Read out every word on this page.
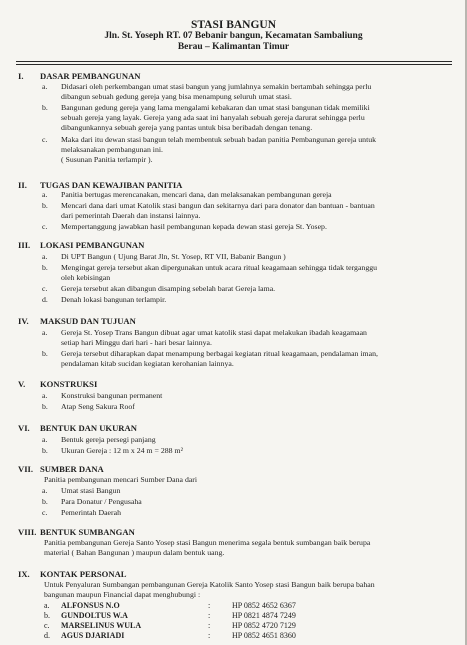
STASI BANGUN
Jln. St. Yoseph RT. 07 Bebanir bangun, Kecamatan Sambaliung
Berau – Kalimantan Timur
I. DASAR PEMBANGUNAN
a. Didasari oleh perkembangan umat stasi bangun yang jumlahnya semakin bertambah sehingga perlu
dibangun sebuah gedung gereja yang bisa menampung seluruh umat stasi.
b. Bangunan gedung gereja yang lama mengalami kebakaran dan umat stasi bangunan tidak memiliki
sebuah gereja yang layak. Gereja yang ada saat ini hanyalah sebuah gereja darurat sehingga perlu
dibangunkannya sebuah gereja yang pantas untuk bisa beribadah dengan tenang.
c. Maka dari itu dewan stasi bangun telah membentuk sebuah badan panitia Pembangunan gereja untuk
melaksanakan pembangunan ini.
( Susunan Panitia terlampir ).
II. TUGAS DAN KEWAJIBAN PANITIA
a. Panitia bertugas merencanakan, mencari dana, dan melaksanakan pembangunan gereja
b. Mencari dana dari umat Katolik stasi bangun dan sekitarnya dari para donator dan bantuan - bantuan
dari pemerintah Daerah dan instansi lainnya.
c. Mempertanggung jawabkan hasil pembangunan kepada dewan stasi gereja St. Yosep.
III. LOKASI PEMBANGUNAN
a. Di UPT Bangun ( Ujung Barat Jln, St. Yosep, RT VII, Babanir Bangun )
b. Mengingat gereja tersebut akan dipergunakan untuk acara ritual keagamaan sehingga tidak terganggu
oleh kebisingan
c. Gereja tersebut akan dibangun disamping sebelah barat Gereja lama.
d. Denah lokasi bangunan terlampir.
IV. MAKSUD DAN TUJUAN
a. Gereja St. Yosep Trans Bangun dibuat agar umat katolik stasi dapat melakukan ibadah keagamaan
setiap hari Minggu dari hari - hari besar lainnya.
b. Gereja tersebut diharapkan dapat menampung berbagai kegiatan ritual keagamaan, pendalaman iman,
pendalaman kitab sucidan kegiatan kerohanian lainnya.
V. KONSTRUKSI
a. Konstruksi bangunan permanent
b. Atap Seng Sakura Roof
VI. BENTUK DAN UKURAN
a. Bentuk gereja persegi panjang
b. Ukuran Gereja : 12 m x 24 m = 288 m²
VII. SUMBER DANA
Panitia pembangunan mencari Sumber Dana dari
a. Umat stasi Bangun
b. Para Donatur / Pengusaha
c. Pemerintah Daerah
VIII. BENTUK SUMBANGAN
Panitia pembangunan Gereja Santo Yosep stasi Bangun menerima segala bentuk sumbangan baik berupa
material ( Bahan Bangunan ) maupun dalam bentuk uang.
IX. KONTAK PERSONAL
Untuk Penyaluran Sumbangan pembangunan Gereja Katolik Santo Yosep stasi Bangun baik berupa bahan
bangunan maupun Financial dapat menghubungi :
a. ALFONSUS N.O	:	HP 0852 4652 6367
b. GUNDOLTUS W.A	:	HP 0821 4874 7249
c. MARSELINUS WULA	:	HP 0852 4720 7129
d. AGUS DJARIADI	:	HP 0852 4651 8360
